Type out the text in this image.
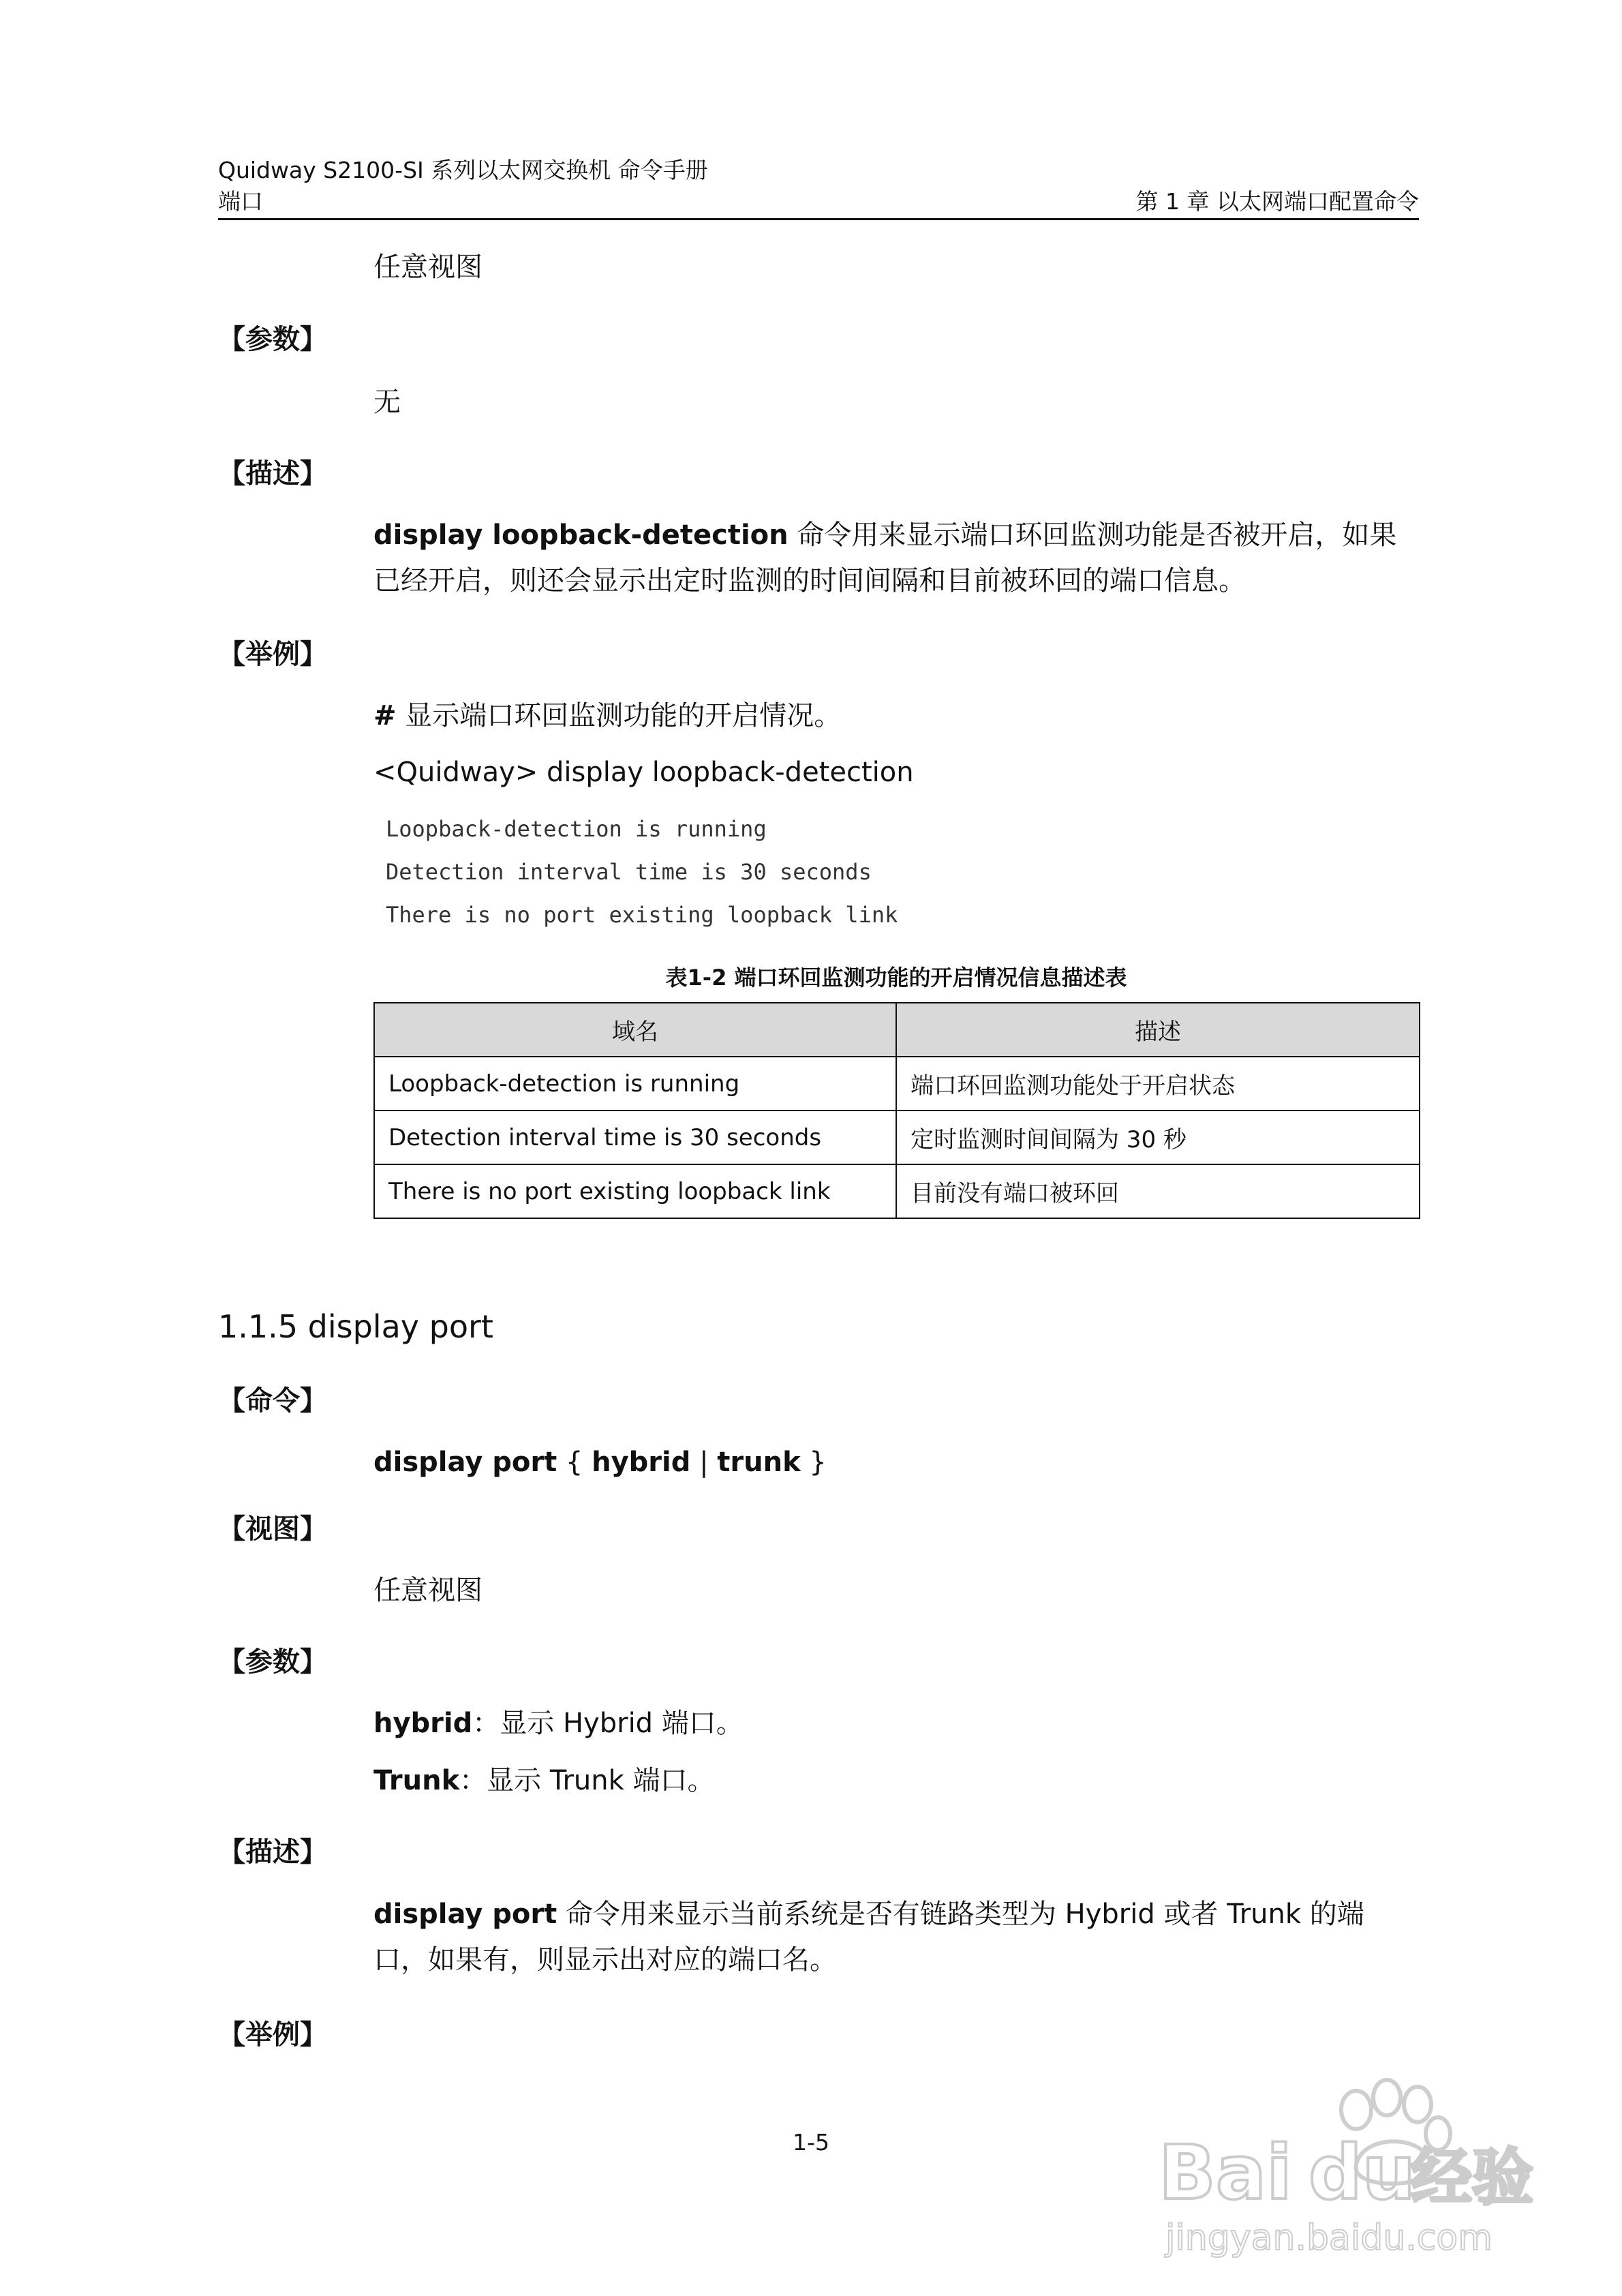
Quidway S2100-SI 系列以太网交换机 命令手册
端口	第 1 章 以太网端口配置命令
任意视图
【参数】
无
【描述】
display loopback-detection 命令用来显示端口环回监测功能是否被开启，如果已经开启，则还会显示出定时监测的时间间隔和目前被环回的端口信息。
【举例】
# 显示端口环回监测功能的开启情况。
<Quidway> display loopback-detection
Loopback-detection is running
Detection interval time is 30 seconds
There is no port existing loopback link
表1-2 端口环回监测功能的开启情况信息描述表
域名	描述
Loopback-detection is running	端口环回监测功能处于开启状态
Detection interval time is 30 seconds	定时监测时间间隔为 30 秒
There is no port existing loopback link	目前没有端口被环回
1.1.5 display port
【命令】
display port { hybrid | trunk }
【视图】
任意视图
【参数】
hybrid：显示 Hybrid 端口。
Trunk：显示 Trunk 端口。
【描述】
display port 命令用来显示当前系统是否有链路类型为 Hybrid 或者 Trunk 的端口，如果有，则显示出对应的端口名。
【举例】
1-5	Bai du
经验
jingyan.baidu.com
